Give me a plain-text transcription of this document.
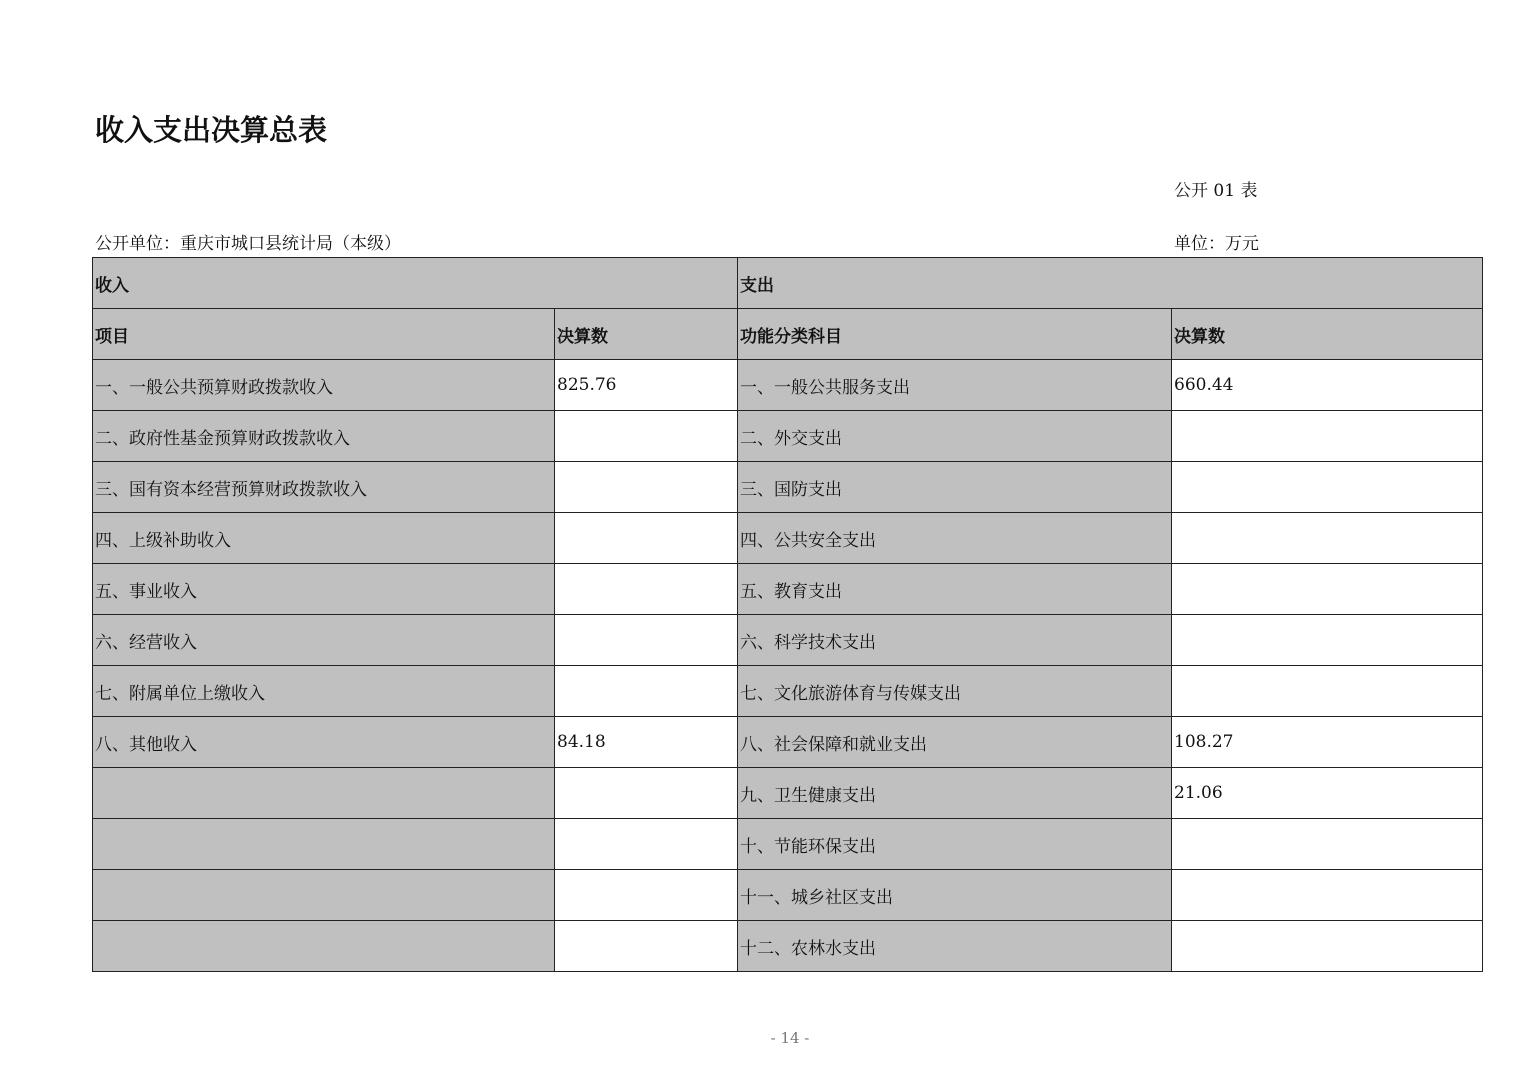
收入支出决算总表
公开 01 表
公开单位：重庆市城口县统计局（本级）	单位：万元
收入		支出	
项目	决算数	功能分类科目	决算数
一、一般公共预算财政拨款收入	825.76	一、一般公共服务支出	660.44
二、政府性基金预算财政拨款收入		二、外交支出	
三、国有资本经营预算财政拨款收入		三、国防支出	
四、上级补助收入		四、公共安全支出	
五、事业收入		五、教育支出	
六、经营收入		六、科学技术支出	
七、附属单位上缴收入		七、文化旅游体育与传媒支出	
八、其他收入	84.18	八、社会保障和就业支出	108.27
		九、卫生健康支出	21.06
		十、节能环保支出	
		十一、城乡社区支出	
		十二、农林水支出	
- 14 -
